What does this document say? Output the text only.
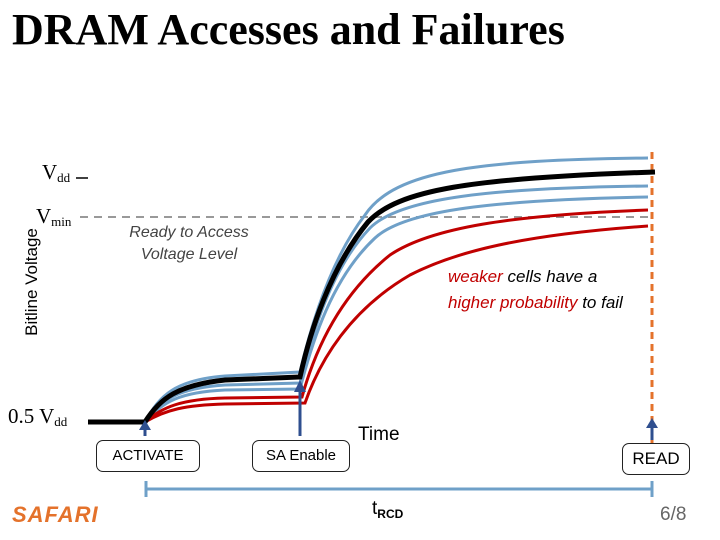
DRAM Accesses and Failures
Bitline Voltage
$V_{dd}$
$V_{min}$
0.5 $V_{dd}$
Ready to Access Voltage Level
weaker cells have a
higher probability to fail
ACTIVATE	SA Enable	READ
Time
$t_{RCD}$
SAFARI	6/8
